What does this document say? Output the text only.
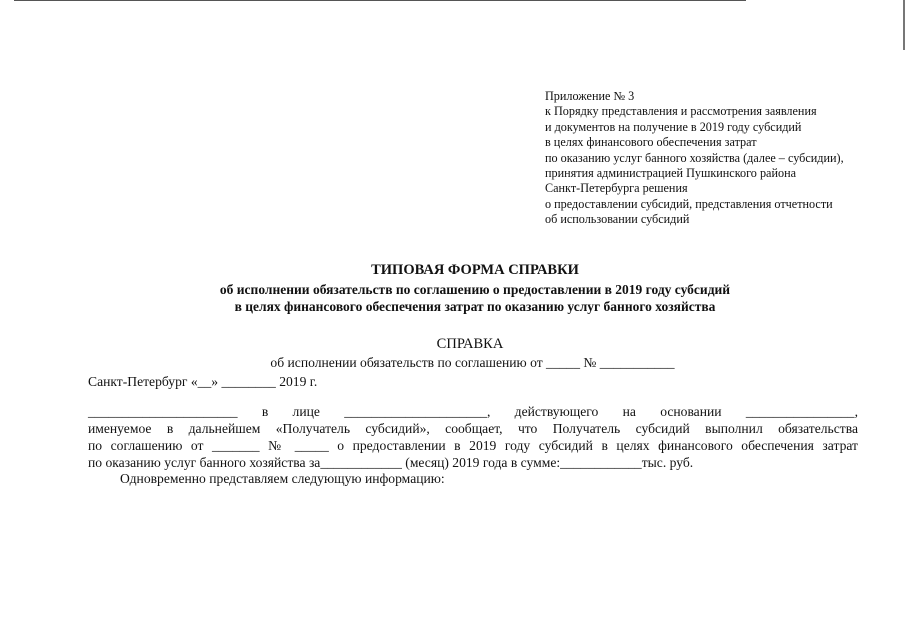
Приложение № 3
к Порядку представления и рассмотрения заявления
и документов на получение в 2019 году субсидий
в целях финансового обеспечения затрат
по оказанию услуг банного хозяйства (далее – субсидии),
принятия администрацией Пушкинского района
Санкт-Петербурга решения
о предоставлении субсидий, представления отчетности
об использовании субсидий
ТИПОВАЯ ФОРМА СПРАВКИ
об исполнении обязательств по соглашению о предоставлении в 2019 году субсидий
в целях финансового обеспечения затрат по оказанию услуг банного хозяйства
СПРАВКА
об исполнении обязательств по соглашению от _____ № ___________
Санкт-Петербург «__» ________ 2019 г.
______________________ в лице _____________________, действующего на основании ________________,
именуемое в дальнейшем «Получатель субсидий», сообщает, что Получатель субсидий выполнил обязательства
по соглашению от _______ № _____ о предоставлении в 2019 году субсидий в целях финансового обеспечения затрат
по оказанию услуг банного хозяйства за____________ (месяц) 2019 года в сумме:____________тыс. руб.
Одновременно представляем следующую информацию:
